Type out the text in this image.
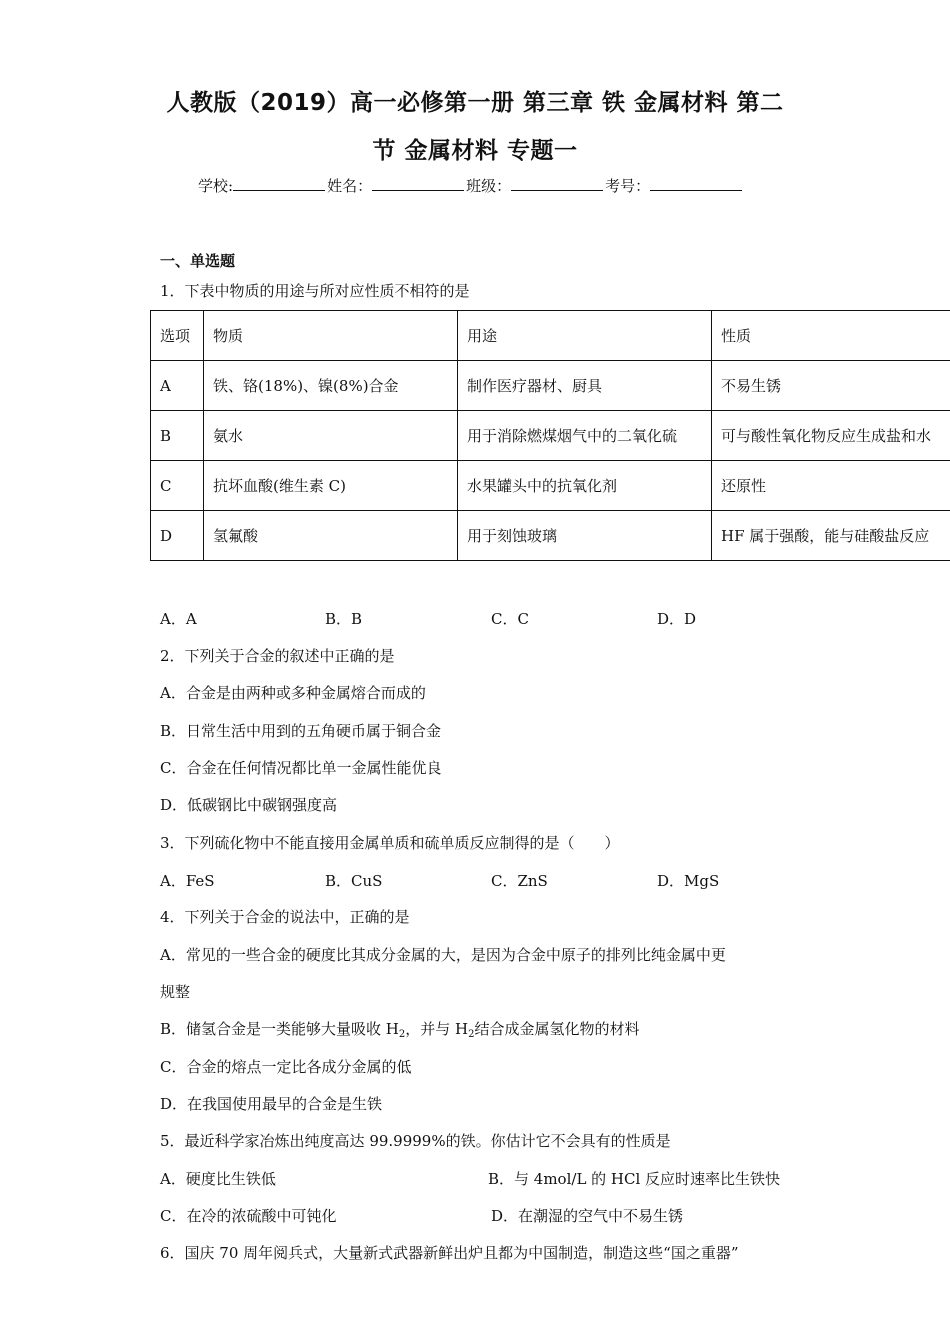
人教版（2019）高一必修第一册 第三章 铁 金属材料 第二
节 金属材料 专题一
学校:	姓名：	班级：	考号：
一、单选题
1．下表中物质的用途与所对应性质不相符的是
选项	物质	用途	性质
A	铁、铬(18%)、镍(8%)合金	制作医疗器材、厨具	不易生锈
B	氨水	用于消除燃煤烟气中的二氧化硫	可与酸性氧化物反应生成盐和水
C	抗坏血酸(维生素 C)	水果罐头中的抗氧化剂	还原性
D	氢氟酸	用于刻蚀玻璃	HF 属于强酸，能与硅酸盐反应
A．A	B．B	C．C	D．D
2．下列关于合金的叙述中正确的是
A．合金是由两种或多种金属熔合而成的
B．日常生活中用到的五角硬币属于铜合金
C．合金在任何情况都比单一金属性能优良
D．低碳钢比中碳钢强度高
3．下列硫化物中不能直接用金属单质和硫单质反应制得的是（　　）
A．FeS	B．CuS	C．ZnS	D．MgS
4．下列关于合金的说法中，正确的是
A．常见的一些合金的硬度比其成分金属的大，是因为合金中原子的排列比纯金属中更
规整
B．储氢合金是一类能够大量吸收 $H_2$，并与 $H_2$结合成金属氢化物的材料
C．合金的熔点一定比各成分金属的低
D．在我国使用最早的合金是生铁
5．最近科学家冶炼出纯度高达 99.9999%的铁。你估计它不会具有的性质是
A．硬度比生铁低	B．与 4mol/L 的 HCl 反应时速率比生铁快
C．在冷的浓硫酸中可钝化	D．在潮湿的空气中不易生锈
6．国庆 70 周年阅兵式，大量新式武器新鲜出炉且都为中国制造，制造这些“国之重器”
